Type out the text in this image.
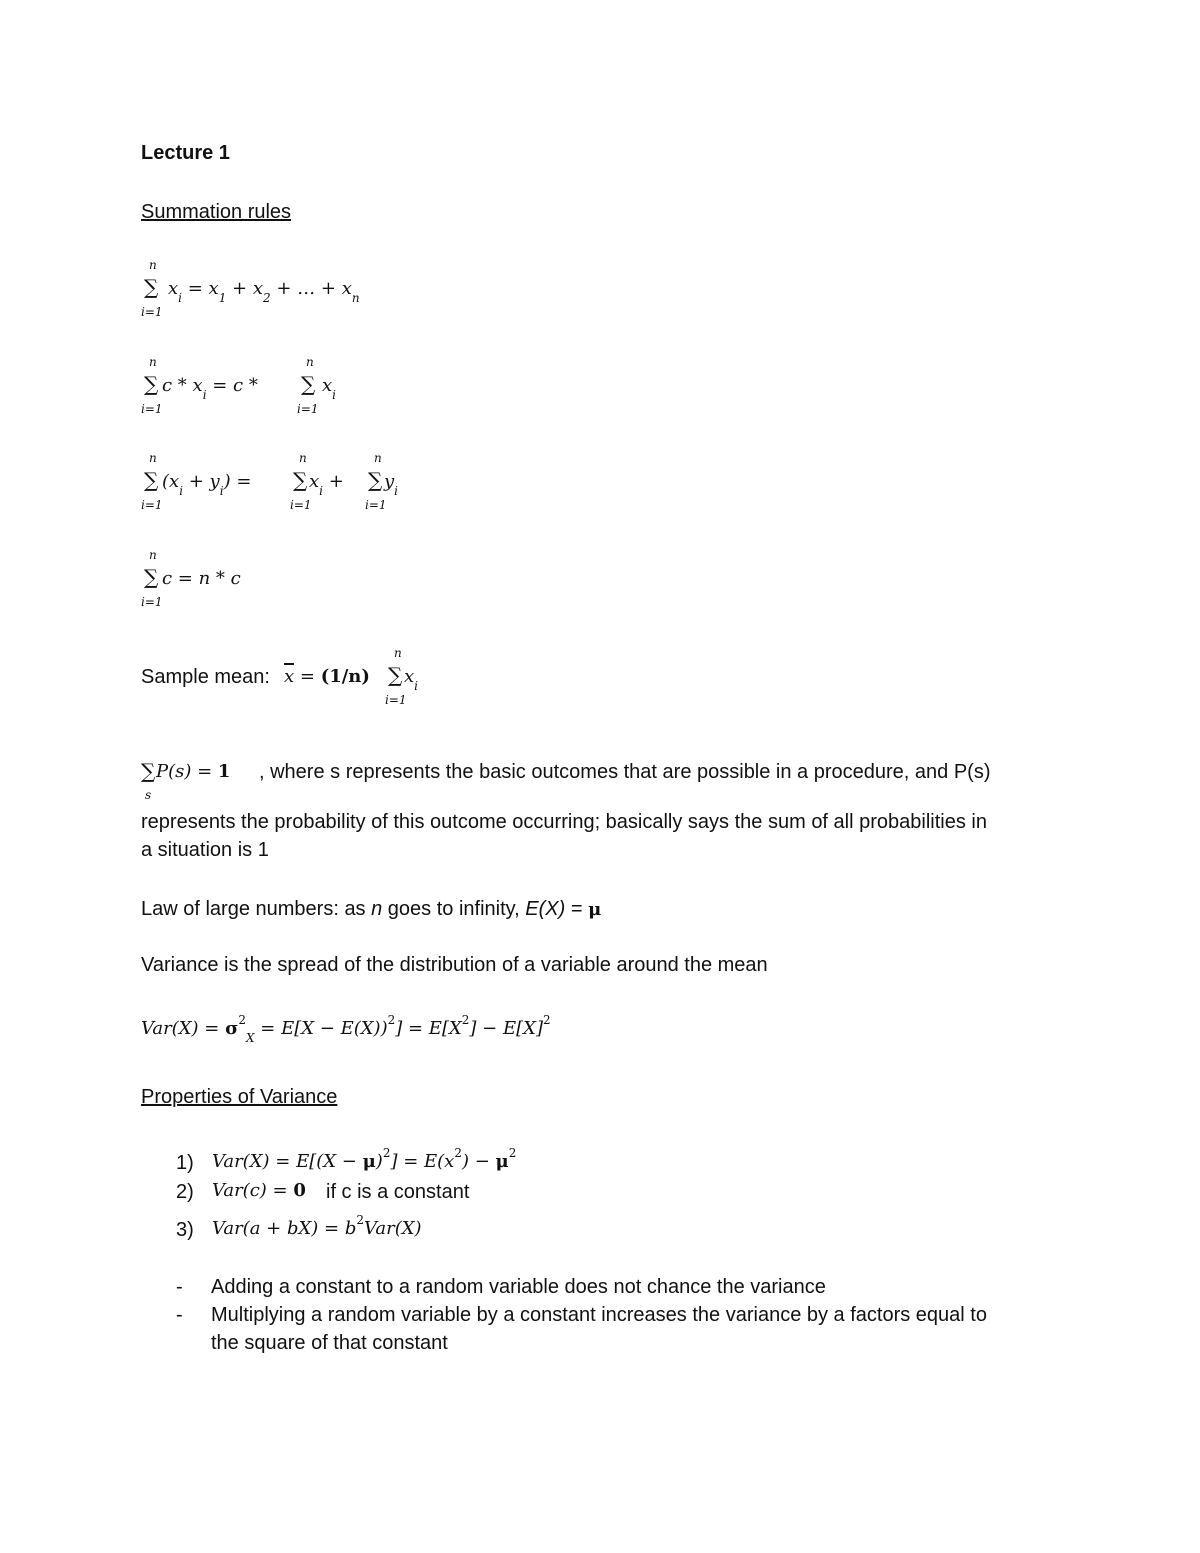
Lecture 1
Summation rules
n
∑
i=1
$x_i = x_1 + x_2$ + … + $x_n$
n
∑
i=1
$c * x_i = c$ *
n
∑
i=1
$x_i$
n
∑
i=1
$(x_i + y_i)$ =
n
∑
i=1
$x_i$ +
n
∑
i=1
$y_i$
n
∑
i=1
c = n * c
Sample mean: x = (1/n)
n
∑
i=1
$x_i$
∑
s
P(s) = 1 , where s represents the basic outcomes that are possible in a procedure, and P(s)
represents the probability of this outcome occurring; basically says the sum of all probabilities in
a situation is 1
Law of large numbers: as n goes to infinity, E(X) = μ
Variance is the spread of the distribution of a variable around the mean
$Var(X) = \sigma^2_X = E[X - E(X))^2] = E[X^2] - E[X]^2$
Properties of Variance
1) $Var(X) = E[(X - \mu)^2] = E(x^2) - \mu^2$
2) Var(c) = 0 if c is a constant
3) $Var(a + bX) = b^2Var(X)$
- Adding a constant to a random variable does not chance the variance
- Multiplying a random variable by a constant increases the variance by a factors equal to
the square of that constant
